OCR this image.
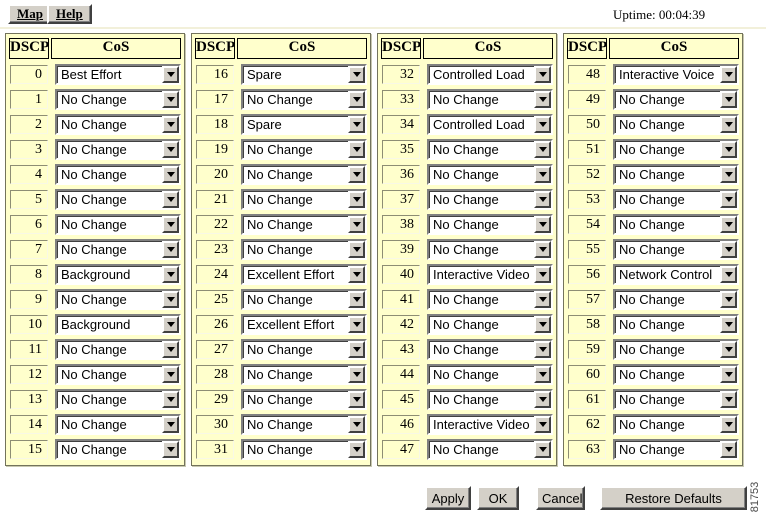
Map	Help	Uptime: 00:04:39
DSCP	CoS
0	Best Effort
1	No Change
2	No Change
3	No Change
4	No Change
5	No Change
6	No Change
7	No Change
8	Background
9	No Change
10	Background
11	No Change
12	No Change
13	No Change
14	No Change
15	No Change
DSCP	CoS
16	Spare
17	No Change
18	Spare
19	No Change
20	No Change
21	No Change
22	No Change
23	No Change
24	Excellent Effort
25	No Change
26	Excellent Effort
27	No Change
28	No Change
29	No Change
30	No Change
31	No Change
DSCP	CoS
32	Controlled Load
33	No Change
34	Controlled Load
35	No Change
36	No Change
37	No Change
38	No Change
39	No Change
40	Interactive Video
41	No Change
42	No Change
43	No Change
44	No Change
45	No Change
46	Interactive Video
47	No Change
DSCP	CoS
48	Interactive Voice
49	No Change
50	No Change
51	No Change
52	No Change
53	No Change
54	No Change
55	No Change
56	Network Control
57	No Change
58	No Change
59	No Change
60	No Change
61	No Change
62	No Change
63	No Change
Apply	OK	Cancel	Restore Defaults	81753
